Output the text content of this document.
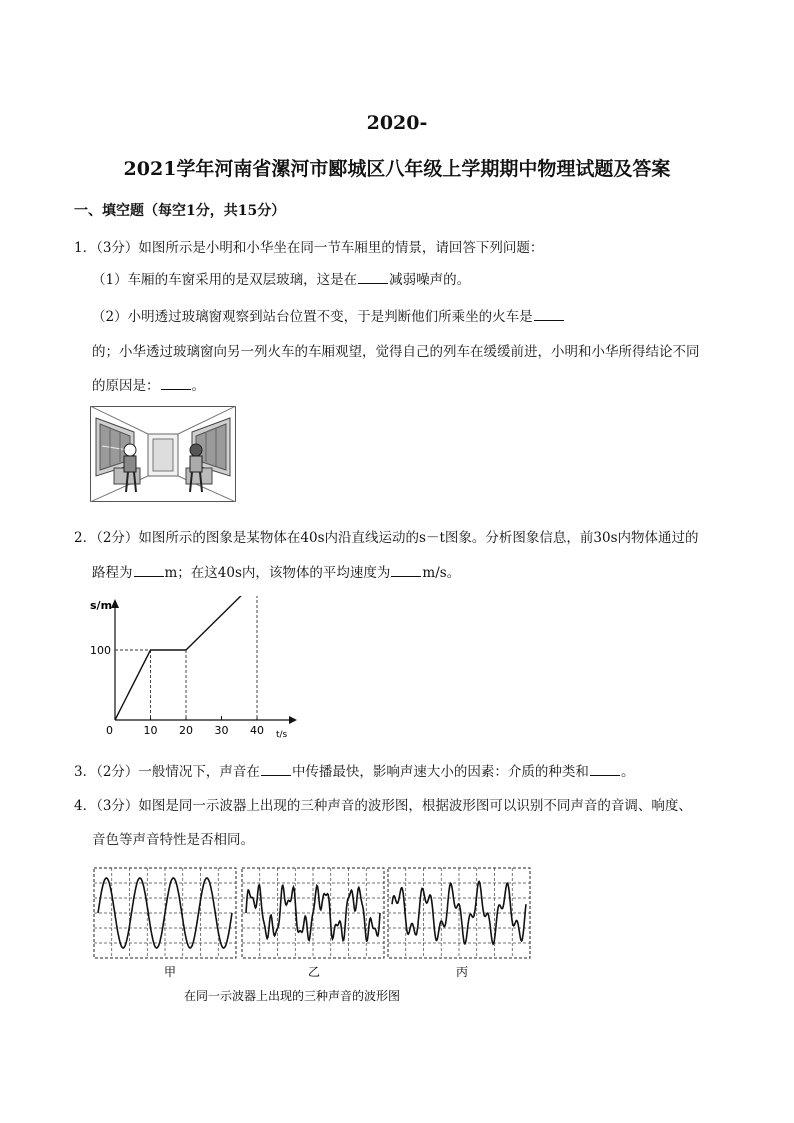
2020-
2021学年河南省漯河市郾城区八年级上学期期中物理试题及答案
一、填空题（每空1分，共15分）
1．（3分）如图所示是小明和小华坐在同一节车厢里的情景，请回答下列问题：
（1）车厢的车窗采用的是双层玻璃，这是在 减弱噪声的。
（2）小明透过玻璃窗观察到站台位置不变，于是判断他们所乘坐的火车是
的；小华透过玻璃窗向另一列火车的车厢观望，觉得自己的列车在缓缓前进，小明和小华所得结论不同
的原因是： 。
2．（2分）如图所示的图象是某物体在40s内沿直线运动的s－t图象。分析图象信息，前30s内物体通过的
路程为 m；在这40s内，该物体的平均速度为 m/s。
s/m
t/s
0	10 20 30 40
100
3．（2分）一般情况下，声音在 中传播最快，影响声速大小的因素：介质的种类和 。
4．（3分）如图是同一示波器上出现的三种声音的波形图，根据波形图可以识别不同声音的音调、响度、
音色等声音特性是否相同。
甲	乙	丙
在同一示波器上出现的三种声音的波形图
